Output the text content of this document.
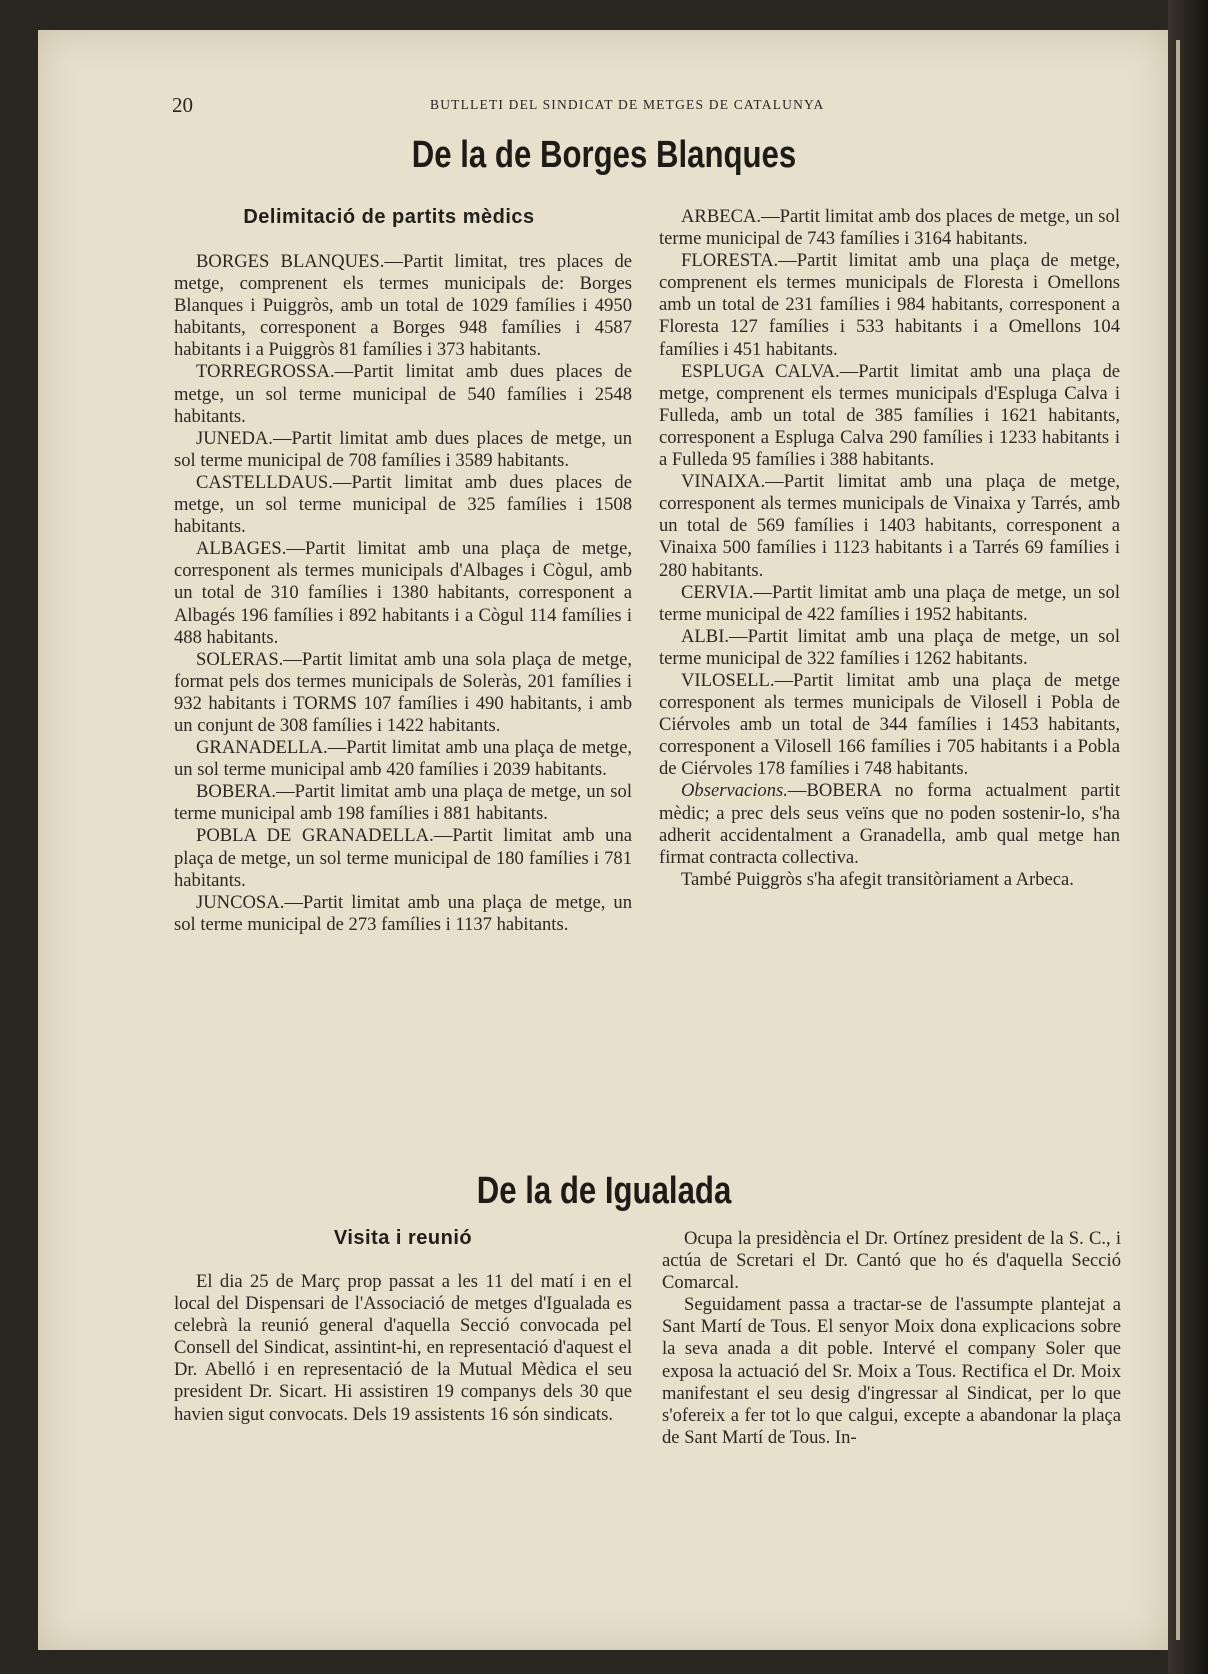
20	BUTLLETI DEL SINDICAT DE METGES DE CATALUNYA
De la de Borges Blanques
Delimitació de partits mèdics

BORGES BLANQUES.—Partit limitat, tres places de metge, comprenent els termes municipals de: Borges Blanques i Puiggròs, amb un total de 1029 famílies i 4950 habitants, corresponent a Borges 948 famílies i 4587 habitants i a Puiggròs 81 famílies i 373 habitants.

TORREGROSSA.—Partit limitat amb dues places de metge, un sol terme municipal de 540 famílies i 2548 habitants.

JUNEDA.—Partit limitat amb dues places de metge, un sol terme municipal de 708 famílies i 3589 habitants.

CASTELLDAUS.—Partit limitat amb dues places de metge, un sol terme municipal de 325 famílies i 1508 habitants.

ALBAGES.—Partit limitat amb una plaça de metge, corresponent als termes municipals d'Albages i Cògul, amb un total de 310 famílies i 1380 habitants, corresponent a Albagés 196 famílies i 892 habitants i a Cògul 114 famílies i 488 habitants.

SOLERAS.—Partit limitat amb una sola plaça de metge, format pels dos termes municipals de Soleràs, 201 famílies i 932 habitants i TORMS 107 famílies i 490 habitants, i amb un conjunt de 308 famílies i 1422 habitants.

GRANADELLA.—Partit limitat amb una plaça de metge, un sol terme municipal amb 420 famílies i 2039 habitants.

BOBERA.—Partit limitat amb una plaça de metge, un sol terme municipal amb 198 famílies i 881 habitants.

POBLA DE GRANADELLA.—Partit limitat amb una plaça de metge, un sol terme municipal de 180 famílies i 781 habitants.

JUNCOSA.—Partit limitat amb una plaça de metge, un sol terme municipal de 273 famílies i 1137 habitants.

ARBECA.—Partit limitat amb dos places de metge, un sol terme municipal de 743 famílies i 3164 habitants.

FLORESTA.—Partit limitat amb una plaça de metge, comprenent els termes municipals de Floresta i Omellons amb un total de 231 famílies i 984 habitants, corresponent a Floresta 127 famílies i 533 habitants i a Omellons 104 famílies i 451 habitants.

ESPLUGA CALVA.—Partit limitat amb una plaça de metge, comprenent els termes municipals d'Espluga Calva i Fulleda, amb un total de 385 famílies i 1621 habitants, corresponent a Espluga Calva 290 famílies i 1233 habitants i a Fulleda 95 famílies i 388 habitants.

VINAIXA.—Partit limitat amb una plaça de metge, corresponent als termes municipals de Vinaixa y Tarrés, amb un total de 569 famílies i 1403 habitants, corresponent a Vinaixa 500 famílies i 1123 habitants i a Tarrés 69 famílies i 280 habitants.

CERVIA.—Partit limitat amb una plaça de metge, un sol terme municipal de 422 famílies i 1952 habitants.

ALBI.—Partit limitat amb una plaça de metge, un sol terme municipal de 322 famílies i 1262 habitants.

VILOSELL.—Partit limitat amb una plaça de metge corresponent als termes municipals de Vilosell i Pobla de Ciérvoles amb un total de 344 famílies i 1453 habitants, corresponent a Vilosell 166 famílies i 705 habitants i a Pobla de Ciérvoles 178 famílies i 748 habitants.

Observacions.—BOBERA no forma actualment partit mèdic; a prec dels seus veïns que no poden sostenir-lo, s'ha adherit accidentalment a Granadella, amb qual metge han firmat contracta collectiva.

També Puiggròs s'ha afegit transitòriament a Arbeca.

De la de Igualada
Visita i reunió

El dia 25 de Març prop passat a les 11 del matí i en el local del Dispensari de l'Associació de metges d'Igualada es celebrà la reunió general d'aquella Secció convocada pel Consell del Sindicat, assintint-hi, en representació d'aquest el Dr. Abelló i en representació de la Mutual Mèdica el seu president Dr. Sicart. Hi assistiren 19 companys dels 30 que havien sigut convocats. Dels 19 assistents 16 són sindicats.

Ocupa la presidència el Dr. Ortínez president de la S. C., i actúa de Scretari el Dr. Cantó que ho és d'aquella Secció Comarcal.

Seguidament passa a tractar-se de l'assumpte plantejat a Sant Martí de Tous. El senyor Moix dona explicacions sobre la seva anada a dit poble. Intervé el company Soler que exposa la actuació del Sr. Moix a Tous. Rectifica el Dr. Moix manifestant el seu desig d'ingressar al Sindicat, per lo que s'ofereix a fer tot lo que calgui, excepte a abandonar la plaça de Sant Martí de Tous. In-
